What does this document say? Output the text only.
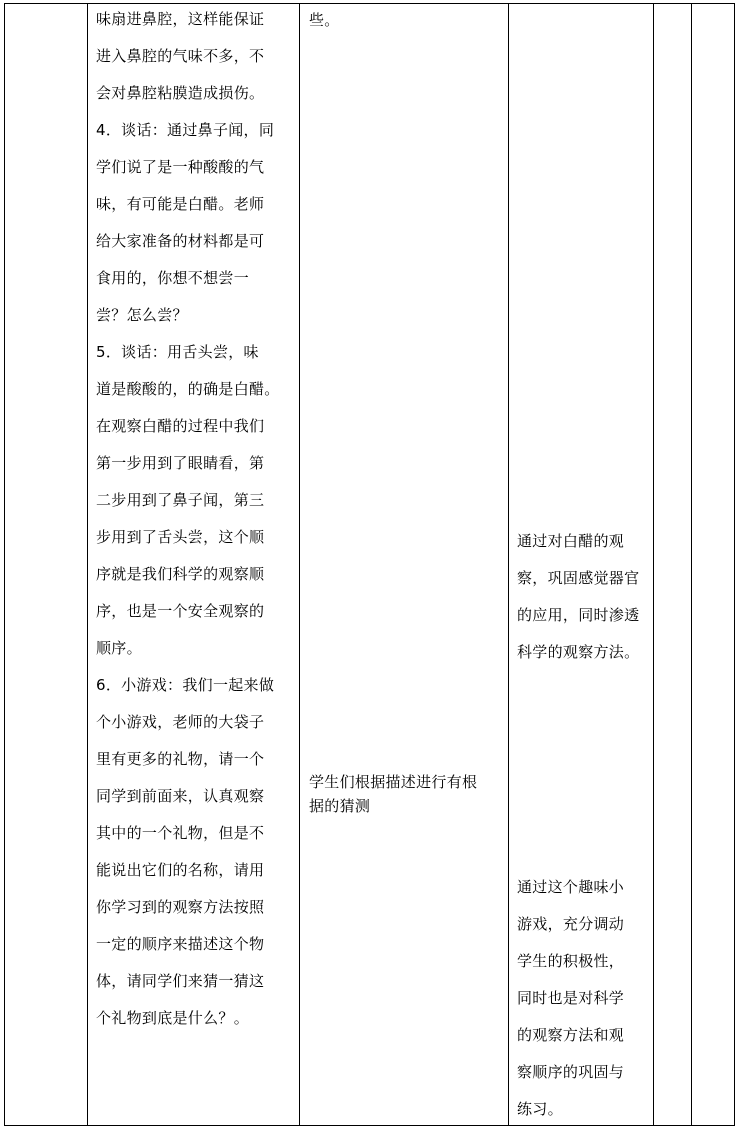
味扇进鼻腔，这样能保证
进入鼻腔的气味不多，不
会对鼻腔粘膜造成损伤。
4．谈话：通过鼻子闻，同
学们说了是一种酸酸的气
味，有可能是白醋。老师
给大家准备的材料都是可
食用的，你想不想尝一
尝？怎么尝？
5．谈话：用舌头尝，味
道是酸酸的，的确是白醋。
在观察白醋的过程中我们
第一步用到了眼睛看，第
二步用到了鼻子闻，第三
步用到了舌头尝，这个顺
序就是我们科学的观察顺
序，也是一个安全观察的
顺序。
6．小游戏：我们一起来做
个小游戏，老师的大袋子
里有更多的礼物，请一个
同学到前面来，认真观察
其中的一个礼物，但是不
能说出它们的名称，请用
你学习到的观察方法按照
一定的顺序来描述这个物
体，请同学们来猜一猜这
个礼物到底是什么？。
些。
学生们根据描述进行有根
据的猜测
通过对白醋的观
察，巩固感觉器官
的应用，同时渗透
科学的观察方法。
通过这个趣味小
游戏，充分调动
学生的积极性，
同时也是对科学
的观察方法和观
察顺序的巩固与
练习。
